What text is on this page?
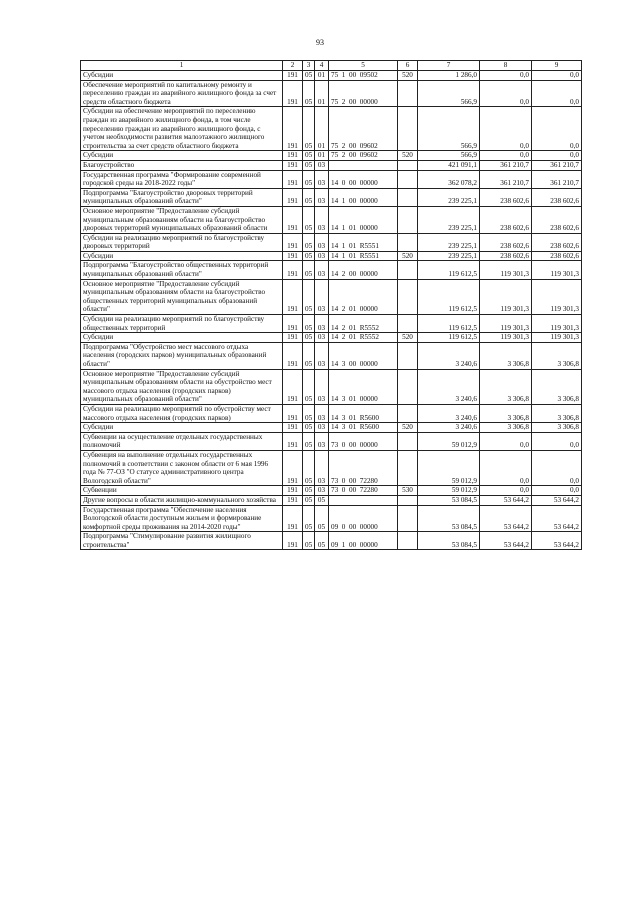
93
1	2	3	4	5	6	7	8	9
Субсидии	191	05	01	75  1  00  09502	520	1 286,0	0,0	0,0
Обеспечение мероприятий по капитальному ремонту и переселению граждан из аварийного жилищного фонда за счет средств областного бюджета	191	05	01	75  2  00  00000		566,9	0,0	0,0
Субсидии на обеспечение мероприятий по переселению граждан из аварийного жилищного фонда, в том числе переселению граждан из аварийного жилищного фонда, с учетом необходимости развития малоэтажного жилищного строительства за счет средств областного бюджета	191	05	01	75  2  00  09602		566,9	0,0	0,0
Субсидии	191	05	01	75  2  00  09602	520	566,9	0,0	0,0
Благоустройство	191	05	03			421 091,1	361 210,7	361 210,7
Государственная программа "Формирование современной городской среды на 2018-2022 годы"	191	05	03	14  0  00  00000		362 078,2	361 210,7	361 210,7
Подпрограмма "Благоустройство дворовых территорий муниципальных образований области"	191	05	03	14  1  00  00000		239 225,1	238 602,6	238 602,6
Основное мероприятие "Предоставление субсидий муниципальным образованиям области на благоустройство дворовых территорий муниципальных образований области	191	05	03	14  1  01  00000		239 225,1	238 602,6	238 602,6
Субсидии на реализацию мероприятий по благоустройству дворовых территорий	191	05	03	14  1  01  R5551		239 225,1	238 602,6	238 602,6
Субсидии	191	05	03	14  1  01  R5551	520	239 225,1	238 602,6	238 602,6
Подпрограмма "Благоустройство общественных территорий муниципальных образований области"	191	05	03	14  2  00  00000		119 612,5	119 301,3	119 301,3
Основное мероприятие "Предоставление субсидий муниципальным образованиям области на благоустройство общественных территорий муниципальных образований области"	191	05	03	14  2  01  00000		119 612,5	119 301,3	119 301,3
Субсидии на реализацию мероприятий по благоустройству общественных территорий	191	05	03	14  2  01  R5552		119 612,5	119 301,3	119 301,3
Субсидии	191	05	03	14  2  01  R5552	520	119 612,5	119 301,3	119 301,3
Подпрограмма "Обустройство мест массового отдыха населения (городских парков) муниципальных образований области"	191	05	03	14  3  00  00000		3 240,6	3 306,8	3 306,8
Основное мероприятие "Предоставление субсидий муниципальным образованиям области на обустройство мест массового отдыха населения (городских парков) муниципальных образований области"	191	05	03	14  3  01  00000		3 240,6	3 306,8	3 306,8
Субсидии на реализацию мероприятий по обустройству мест массового отдыха населения (городских парков)	191	05	03	14  3  01  R5600		3 240,6	3 306,8	3 306,8
Субсидии	191	05	03	14  3  01  R5600	520	3 240,6	3 306,8	3 306,8
Субвенции на осуществление отдельных государственных полномочий	191	05	03	73  0  00  00000		59 012,9	0,0	0,0
Субвенция на выполнение отдельных государственных полномочий в соответствии с законом области от 6 мая 1996 года № 77-ОЗ "О статусе административного центра Вологодской области"	191	05	03	73  0  00  72280		59 012,9	0,0	0,0
Субвенции	191	05	03	73  0  00  72280	530	59 012,9	0,0	0,0
Другие вопросы в области жилищно-коммунального хозяйства	191	05	05			53 084,5	53 644,2	53 644,2
Государственная программа "Обеспечение населения Вологодской области доступным жильем и формирование комфортной среды проживания на 2014-2020 годы"	191	05	05	09  0  00  00000		53 084,5	53 644,2	53 644,2
Подпрограмма "Стимулирование развития жилищного строительства"	191	05	05	09  1  00  00000		53 084,5	53 644,2	53 644,2
